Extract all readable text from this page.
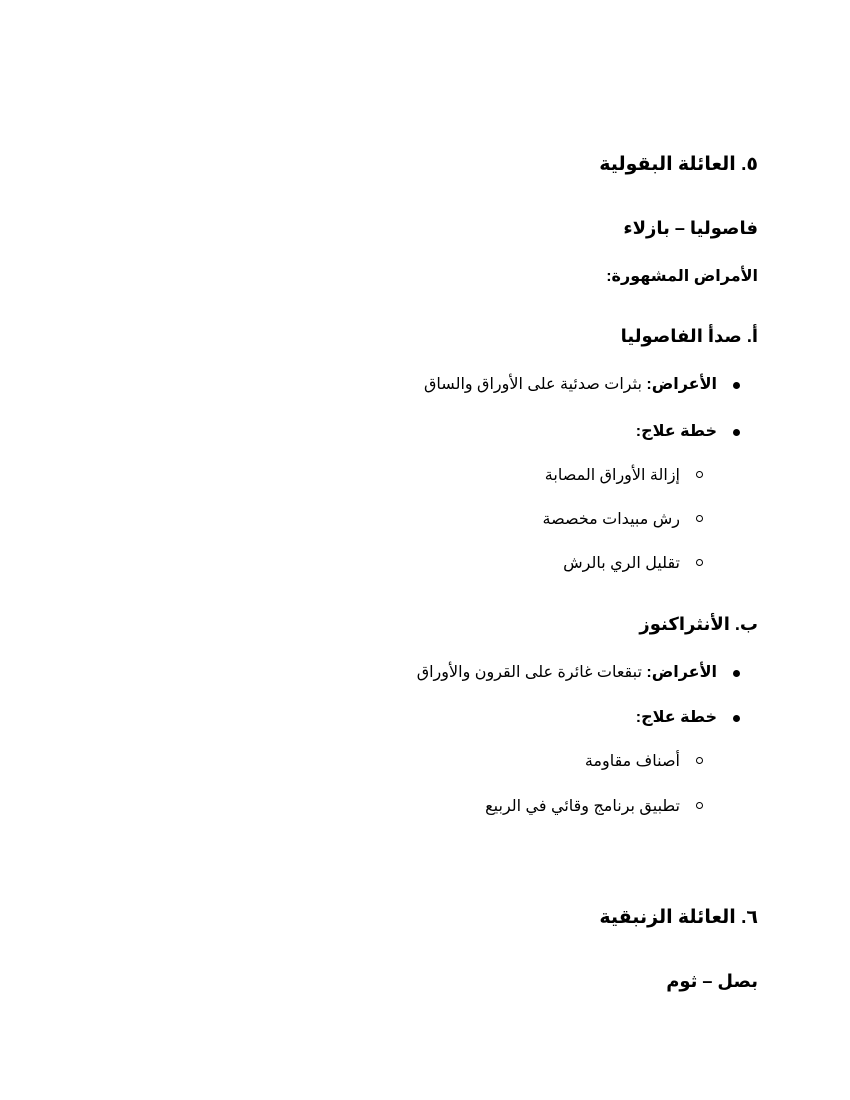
٥. العائلة البقولية
فاصوليا – بازلاء
الأمراض المشهورة:
أ. صدأ الفاصوليا
الأعراض: بثرات صدئية على الأوراق والساق
خطة علاج:
إزالة الأوراق المصابة
رش مبيدات مخصصة
تقليل الري بالرش
ب. الأنثراكنوز
الأعراض: تبقعات غائرة على القرون والأوراق
خطة علاج:
أصناف مقاومة
تطبيق برنامج وقائي في الربيع
٦. العائلة الزنبقية
بصل – ثوم
